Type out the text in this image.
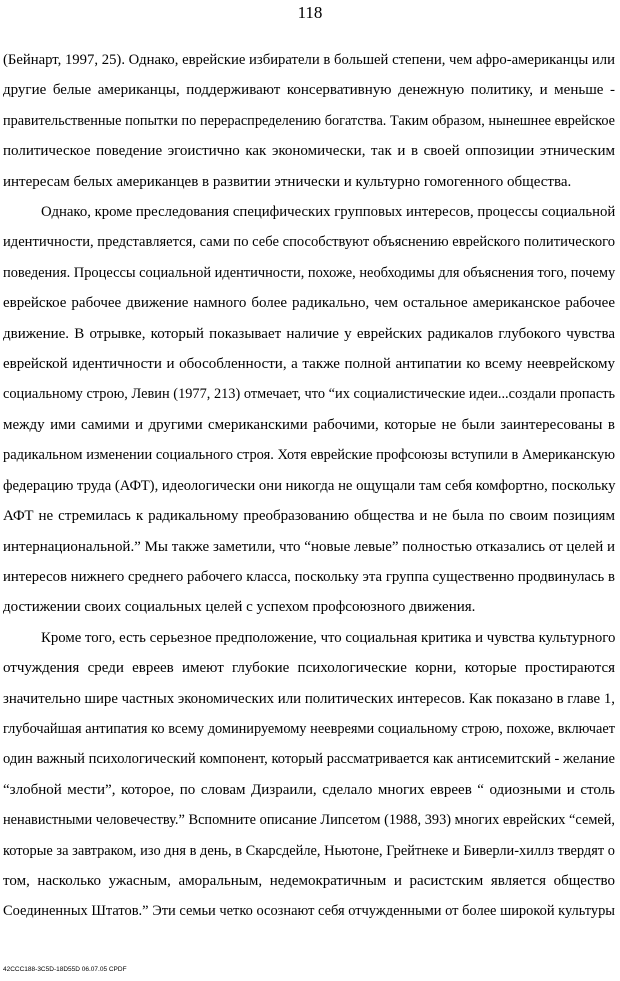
118

(Бейнарт, 1997, 25). Однако, еврейские избиратели в большей степени, чем афро-американцы или
другие белые американцы, поддерживают консервативную денежную политику, и меньше -
правительственные попытки по перераспределению богатства. Таким образом, нынешнее еврейское
политическое поведение эгоистично как экономически, так и в своей оппозиции этническим
интересам белых американцев в развитии этнически и культурно гомогенного общества.

Однако, кроме преследования специфических групповых интересов, процессы социальной
идентичности, представляется, сами по себе способствуют объяснению еврейского политического
поведения. Процессы социальной идентичности, похоже, необходимы для объяснения того, почему
еврейское рабочее движение намного более радикально, чем остальное американское рабочее
движение. В отрывке, который показывает наличие у еврейских радикалов глубокого чувства
еврейской идентичности и обособленности, а также полной антипатии ко всему нееврейскому
социальному строю, Левин (1977, 213) отмечает, что “их социалистические идеи...создали пропасть
между ими самими и другими смериканскими рабочими, которые не были заинтересованы в
радикальном изменении социального строя. Хотя еврейские профсоюзы вступили в Американскую
федерацию труда (АФТ), идеологически они никогда не ощущали там себя комфортно, поскольку
АФТ не стремилась к радикальному преобразованию общества и не была по своим позициям
интернациональной.” Мы также заметили, что “новые левые” полностью отказались от целей и
интересов нижнего среднего рабочего класса, поскольку эта группа существенно продвинулась в
достижении своих социальных целей с успехом профсоюзного движения.

Кроме того, есть серьезное предположение, что социальная критика и чувства культурного
отчуждения среди евреев имеют глубокие психологические корни, которые простираются
значительно шире частных экономических или политических интересов. Как показано в главе 1,
глубочайшая антипатия ко всему доминируемому неевреями социальному строю, похоже, включает
один важный психологический компонент, который рассматривается как антисемитский - желание
“злобной мести”, которое, по словам Дизраили, сделало многих евреев “ одиозными и столь
ненавистными человечеству.” Вспомните описание Липсетом (1988, 393) многих еврейских “семей,
которые за завтраком, изо дня в день, в Скарсдейле, Ньютоне, Грейтнеке и Биверли-хиллз твердят о
том, насколько ужасным, аморальным, недемократичным и расистским является общество
Соединенных Штатов.” Эти семьи четко осознают себя отчужденными от более широкой культуры

42CCC188-3C5D-18D55D 06.07.05 CPDF
